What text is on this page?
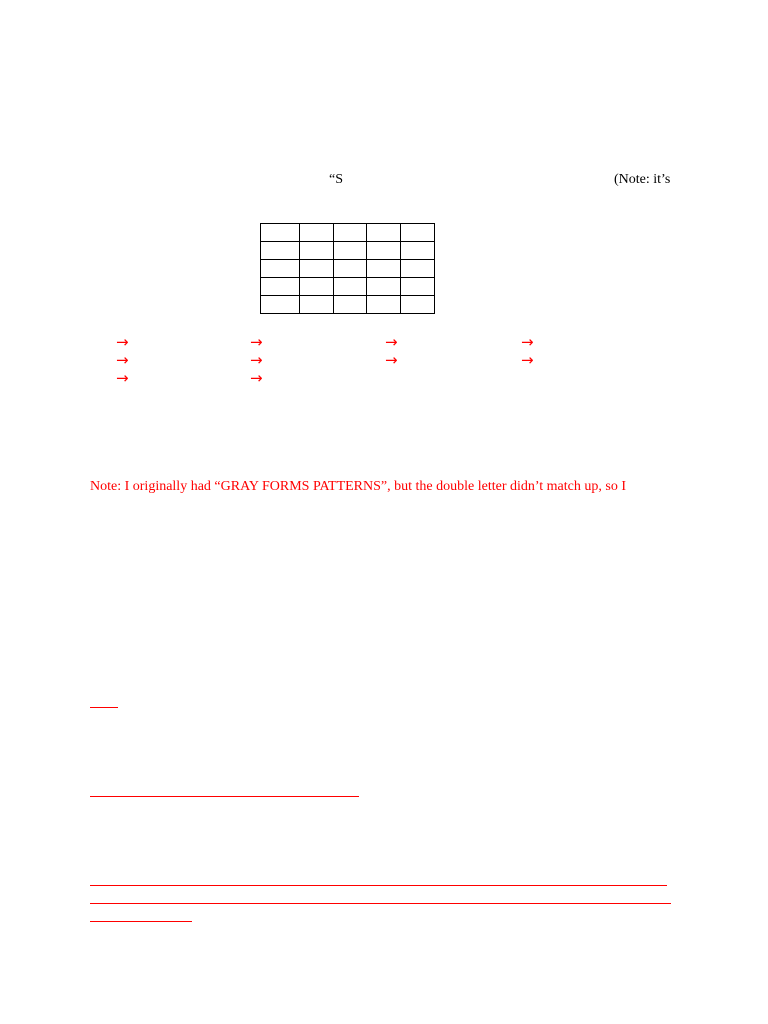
“S	(Note: it’s

→	→	→	→
→	→	→	→
→	→
Note: I originally had “GRAY FORMS PATTERNS”, but the double letter didn’t match up, so I
